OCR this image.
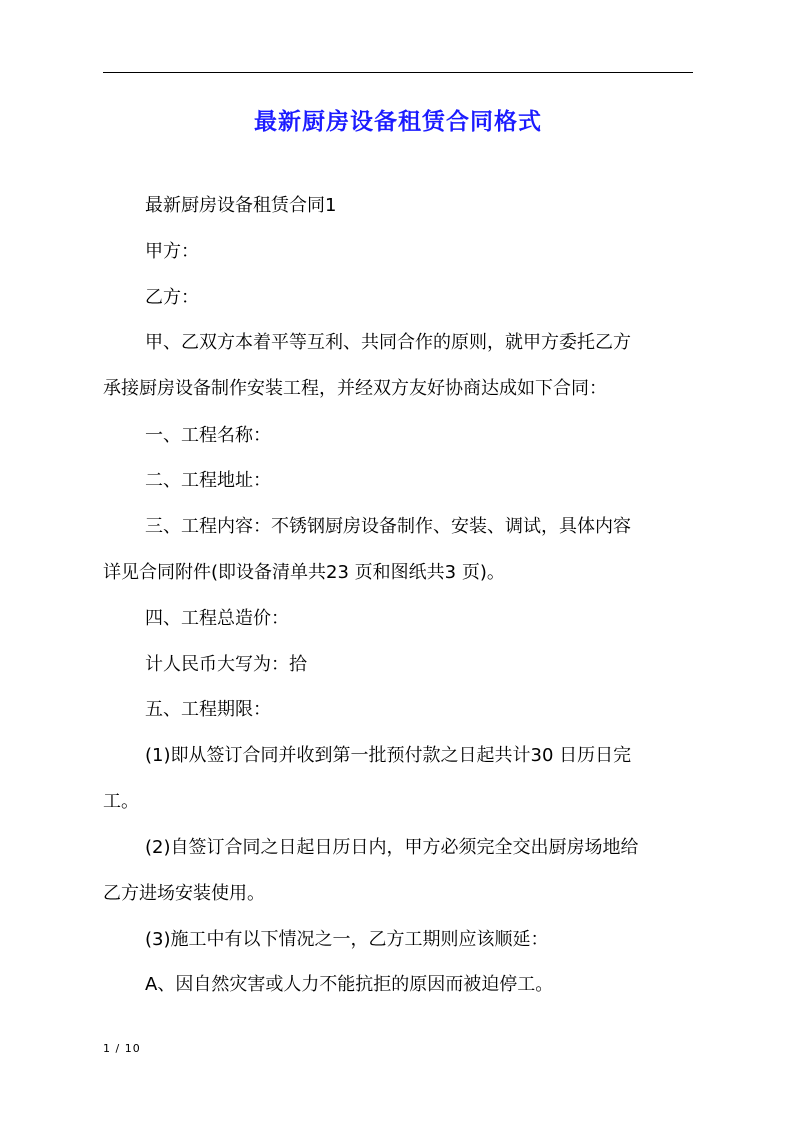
最新厨房设备租赁合同格式

最新厨房设备租赁合同1

甲方：

乙方：

甲、乙双方本着平等互利、共同合作的原则，就甲方委托乙方
承接厨房设备制作安装工程，并经双方友好协商达成如下合同：

一、工程名称：

二、工程地址：

三、工程内容：不锈钢厨房设备制作、安装、调试，具体内容
详见合同附件(即设备清单共23 页和图纸共3 页)。

四、工程总造价：

计人民币大写为：拾

五、工程期限：

(1)即从签订合同并收到第一批预付款之日起共计30 日历日完
工。

(2)自签订合同之日起日历日内，甲方必须完全交出厨房场地给
乙方进场安装使用。

(3)施工中有以下情况之一，乙方工期则应该顺延：

A、因自然灾害或人力不能抗拒的原因而被迫停工。

1 / 10
